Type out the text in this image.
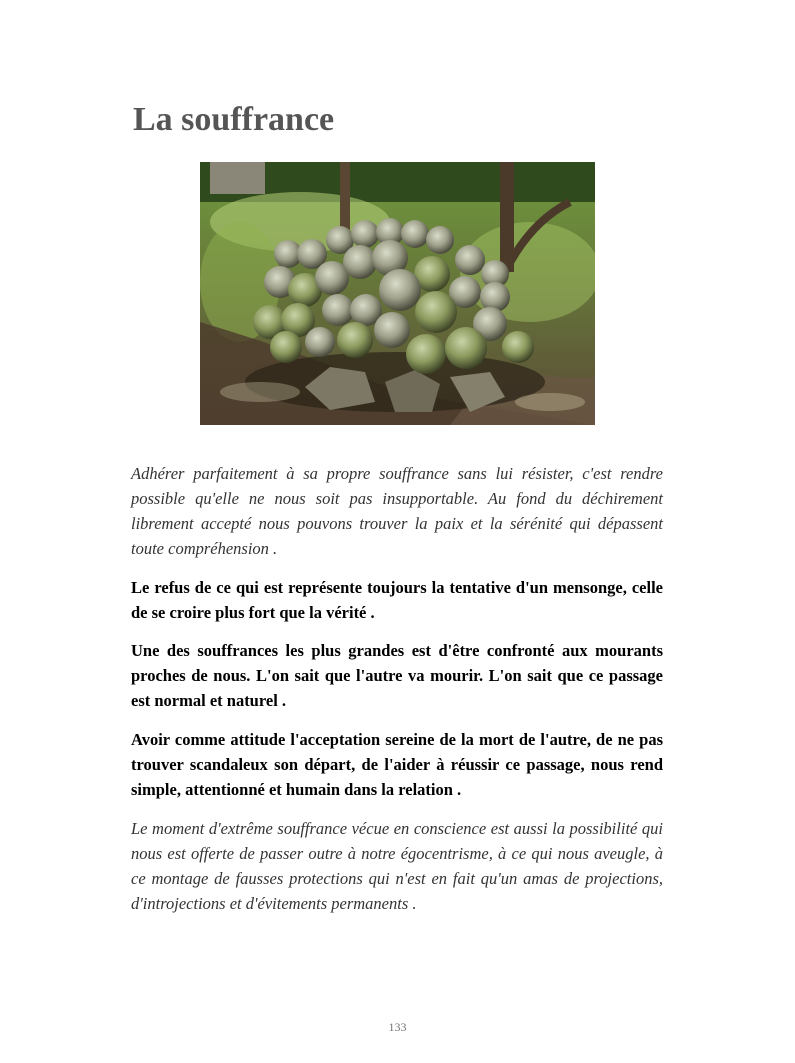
La souffrance

Adhérer parfaitement à sa propre souffrance sans lui résister, c'est rendre possible qu'elle ne nous soit pas insupportable. Au fond du déchirement librement accepté nous pouvons trouver la paix et la sérénité qui dépassent toute compréhension .

Le refus de ce qui est représente toujours la tentative d'un mensonge, celle de se croire plus fort que la vérité .

Une des souffrances les plus grandes est d'être confronté aux mourants proches de nous. L'on sait que l'autre va mourir. L'on sait que ce passage est normal et naturel .

Avoir comme attitude l'acceptation sereine de la mort de l'autre, de ne pas trouver scandaleux son départ, de l'aider à réussir ce passage, nous rend simple, attentionné et humain dans la relation .

Le moment d'extrême souffrance vécue en conscience est aussi la possibilité qui nous est offerte de passer outre à notre égocentrisme, à ce qui nous aveugle, à ce montage de fausses protections qui n'est en fait qu'un amas de projections, d'introjections et d'évitements permanents .

133
